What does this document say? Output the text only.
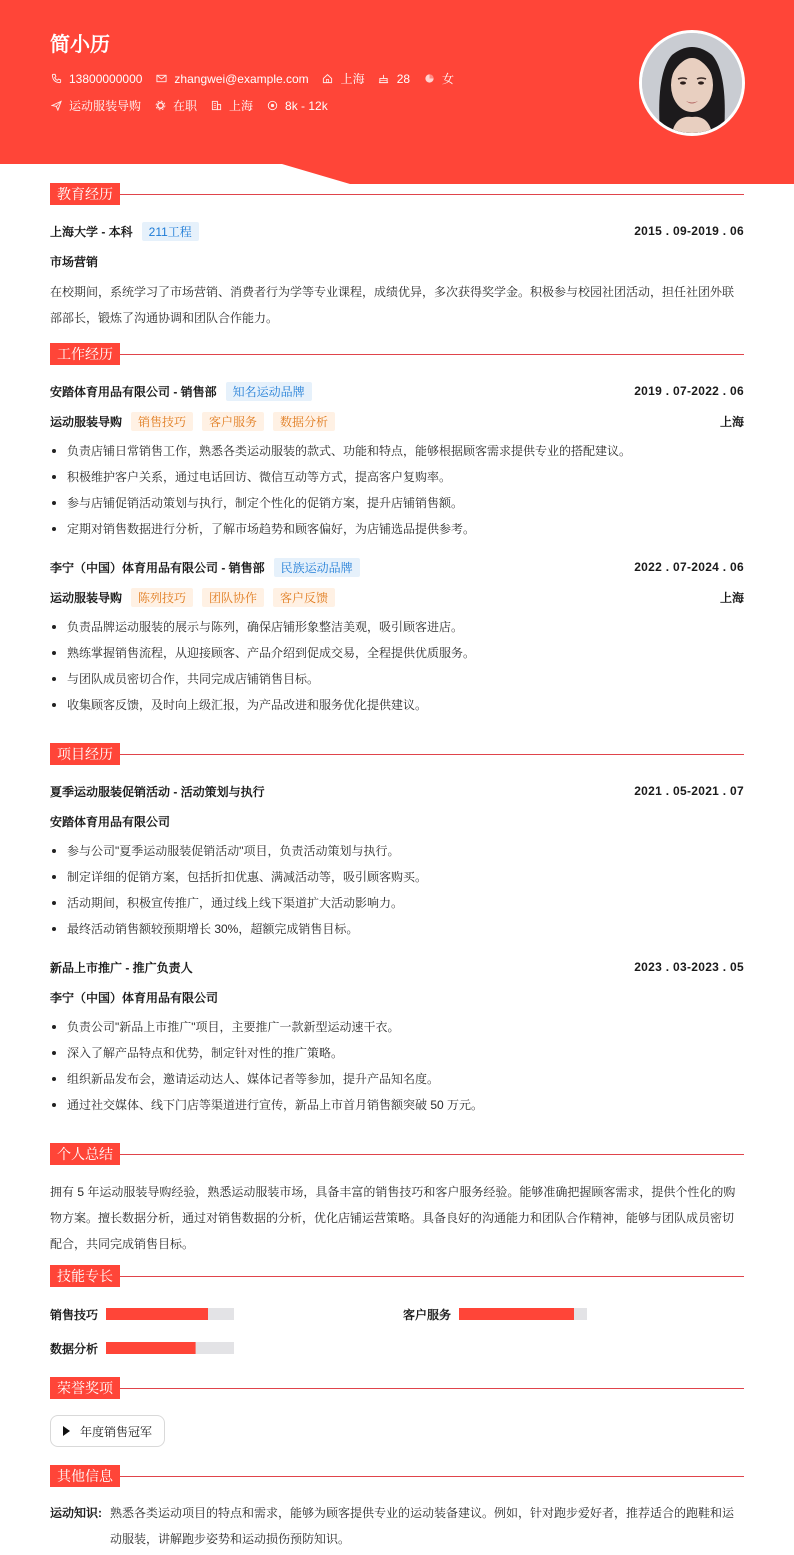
简小历
13800000000	zhangwei@example.com	上海	28	女
运动服装导购	在职	上海	8k - 12k
教育经历
上海大学 - 本科	211工程	2015 . 09-2019 . 06
市场营销
在校期间，系统学习了市场营销、消费者行为学等专业课程，成绩优异，多次获得奖学金。积极参与校园社团活动，担任社团外联部部长，锻炼了沟通协调和团队合作能力。
工作经历
安踏体育用品有限公司 - 销售部	知名运动品牌	2019 . 07-2022 . 06
运动服装导购	销售技巧	客户服务	数据分析	上海
负责店铺日常销售工作，熟悉各类运动服装的款式、功能和特点，能够根据顾客需求提供专业的搭配建议。
积极维护客户关系，通过电话回访、微信互动等方式，提高客户复购率。
参与店铺促销活动策划与执行，制定个性化的促销方案，提升店铺销售额。
定期对销售数据进行分析，了解市场趋势和顾客偏好，为店铺选品提供参考。
李宁（中国）体育用品有限公司 - 销售部	民族运动品牌	2022 . 07-2024 . 06
运动服装导购	陈列技巧	团队协作	客户反馈	上海
负责品牌运动服装的展示与陈列，确保店铺形象整洁美观，吸引顾客进店。
熟练掌握销售流程，从迎接顾客、产品介绍到促成交易，全程提供优质服务。
与团队成员密切合作，共同完成店铺销售目标。
收集顾客反馈，及时向上级汇报，为产品改进和服务优化提供建议。
项目经历
夏季运动服装促销活动 - 活动策划与执行	2021 . 05-2021 . 07
安踏体育用品有限公司
参与公司"夏季运动服装促销活动"项目，负责活动策划与执行。
制定详细的促销方案，包括折扣优惠、满减活动等，吸引顾客购买。
活动期间，积极宣传推广，通过线上线下渠道扩大活动影响力。
最终活动销售额较预期增长 30%，超额完成销售目标。
新品上市推广 - 推广负责人	2023 . 03-2023 . 05
李宁（中国）体育用品有限公司
负责公司"新品上市推广"项目，主要推广一款新型运动速干衣。
深入了解产品特点和优势，制定针对性的推广策略。
组织新品发布会，邀请运动达人、媒体记者等参加，提升产品知名度。
通过社交媒体、线下门店等渠道进行宣传，新品上市首月销售额突破 50 万元。
个人总结
拥有 5 年运动服装导购经验，熟悉运动服装市场，具备丰富的销售技巧和客户服务经验。能够准确把握顾客需求，提供个性化的购物方案。擅长数据分析，通过对销售数据的分析，优化店铺运营策略。具备良好的沟通能力和团队合作精神，能够与团队成员密切配合，共同完成销售目标。
技能专长
销售技巧	客户服务
数据分析
荣誉奖项
年度销售冠军
其他信息
运动知识: 熟悉各类运动项目的特点和需求，能够为顾客提供专业的运动装备建议。例如，针对跑步爱好者，推荐适合的跑鞋和运动服装，讲解跑步姿势和运动损伤预防知识。
